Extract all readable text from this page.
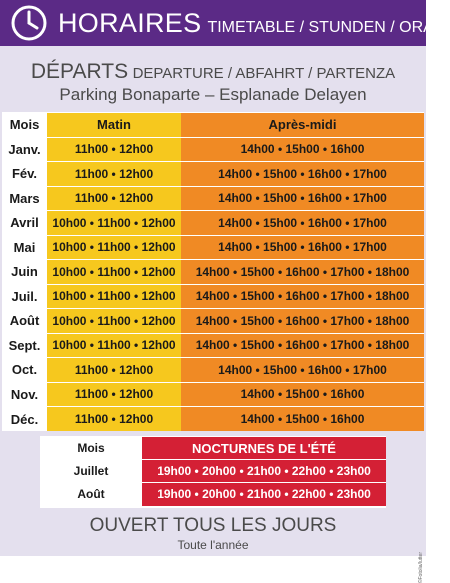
HORAIRES TIMETABLE / STUNDEN / ORARI
DÉPARTS DEPARTURE / ABFAHRT / PARTENZA
Parking Bonaparte – Esplanade Delayen
Mois	Matin	Après-midi
Janv.	11h00 • 12h00	14h00 • 15h00 • 16h00
Fév.	11h00 • 12h00	14h00 • 15h00 • 16h00 • 17h00
Mars	11h00 • 12h00	14h00 • 15h00 • 16h00 • 17h00
Avril	10h00 • 11h00 • 12h00	14h00 • 15h00 • 16h00 • 17h00
Mai	10h00 • 11h00 • 12h00	14h00 • 15h00 • 16h00 • 17h00
Juin	10h00 • 11h00 • 12h00	14h00 • 15h00 • 16h00 • 17h00 • 18h00
Juil.	10h00 • 11h00 • 12h00	14h00 • 15h00 • 16h00 • 17h00 • 18h00
Août	10h00 • 11h00 • 12h00	14h00 • 15h00 • 16h00 • 17h00 • 18h00
Sept.	10h00 • 11h00 • 12h00	14h00 • 15h00 • 16h00 • 17h00 • 18h00
Oct.	11h00 • 12h00	14h00 • 15h00 • 16h00 • 17h00
Nov.	11h00 • 12h00	14h00 • 15h00 • 16h00
Déc.	11h00 • 12h00	14h00 • 15h00 • 16h00
Mois	NOCTURNES DE L'ÉTÉ
Juillet	19h00 • 20h00 • 21h00 • 22h00 • 23h00
Août	19h00 • 20h00 • 21h00 • 22h00 • 23h00
OUVERT TOUS LES JOURS
Toute l'année
©Fotolia/lutter
